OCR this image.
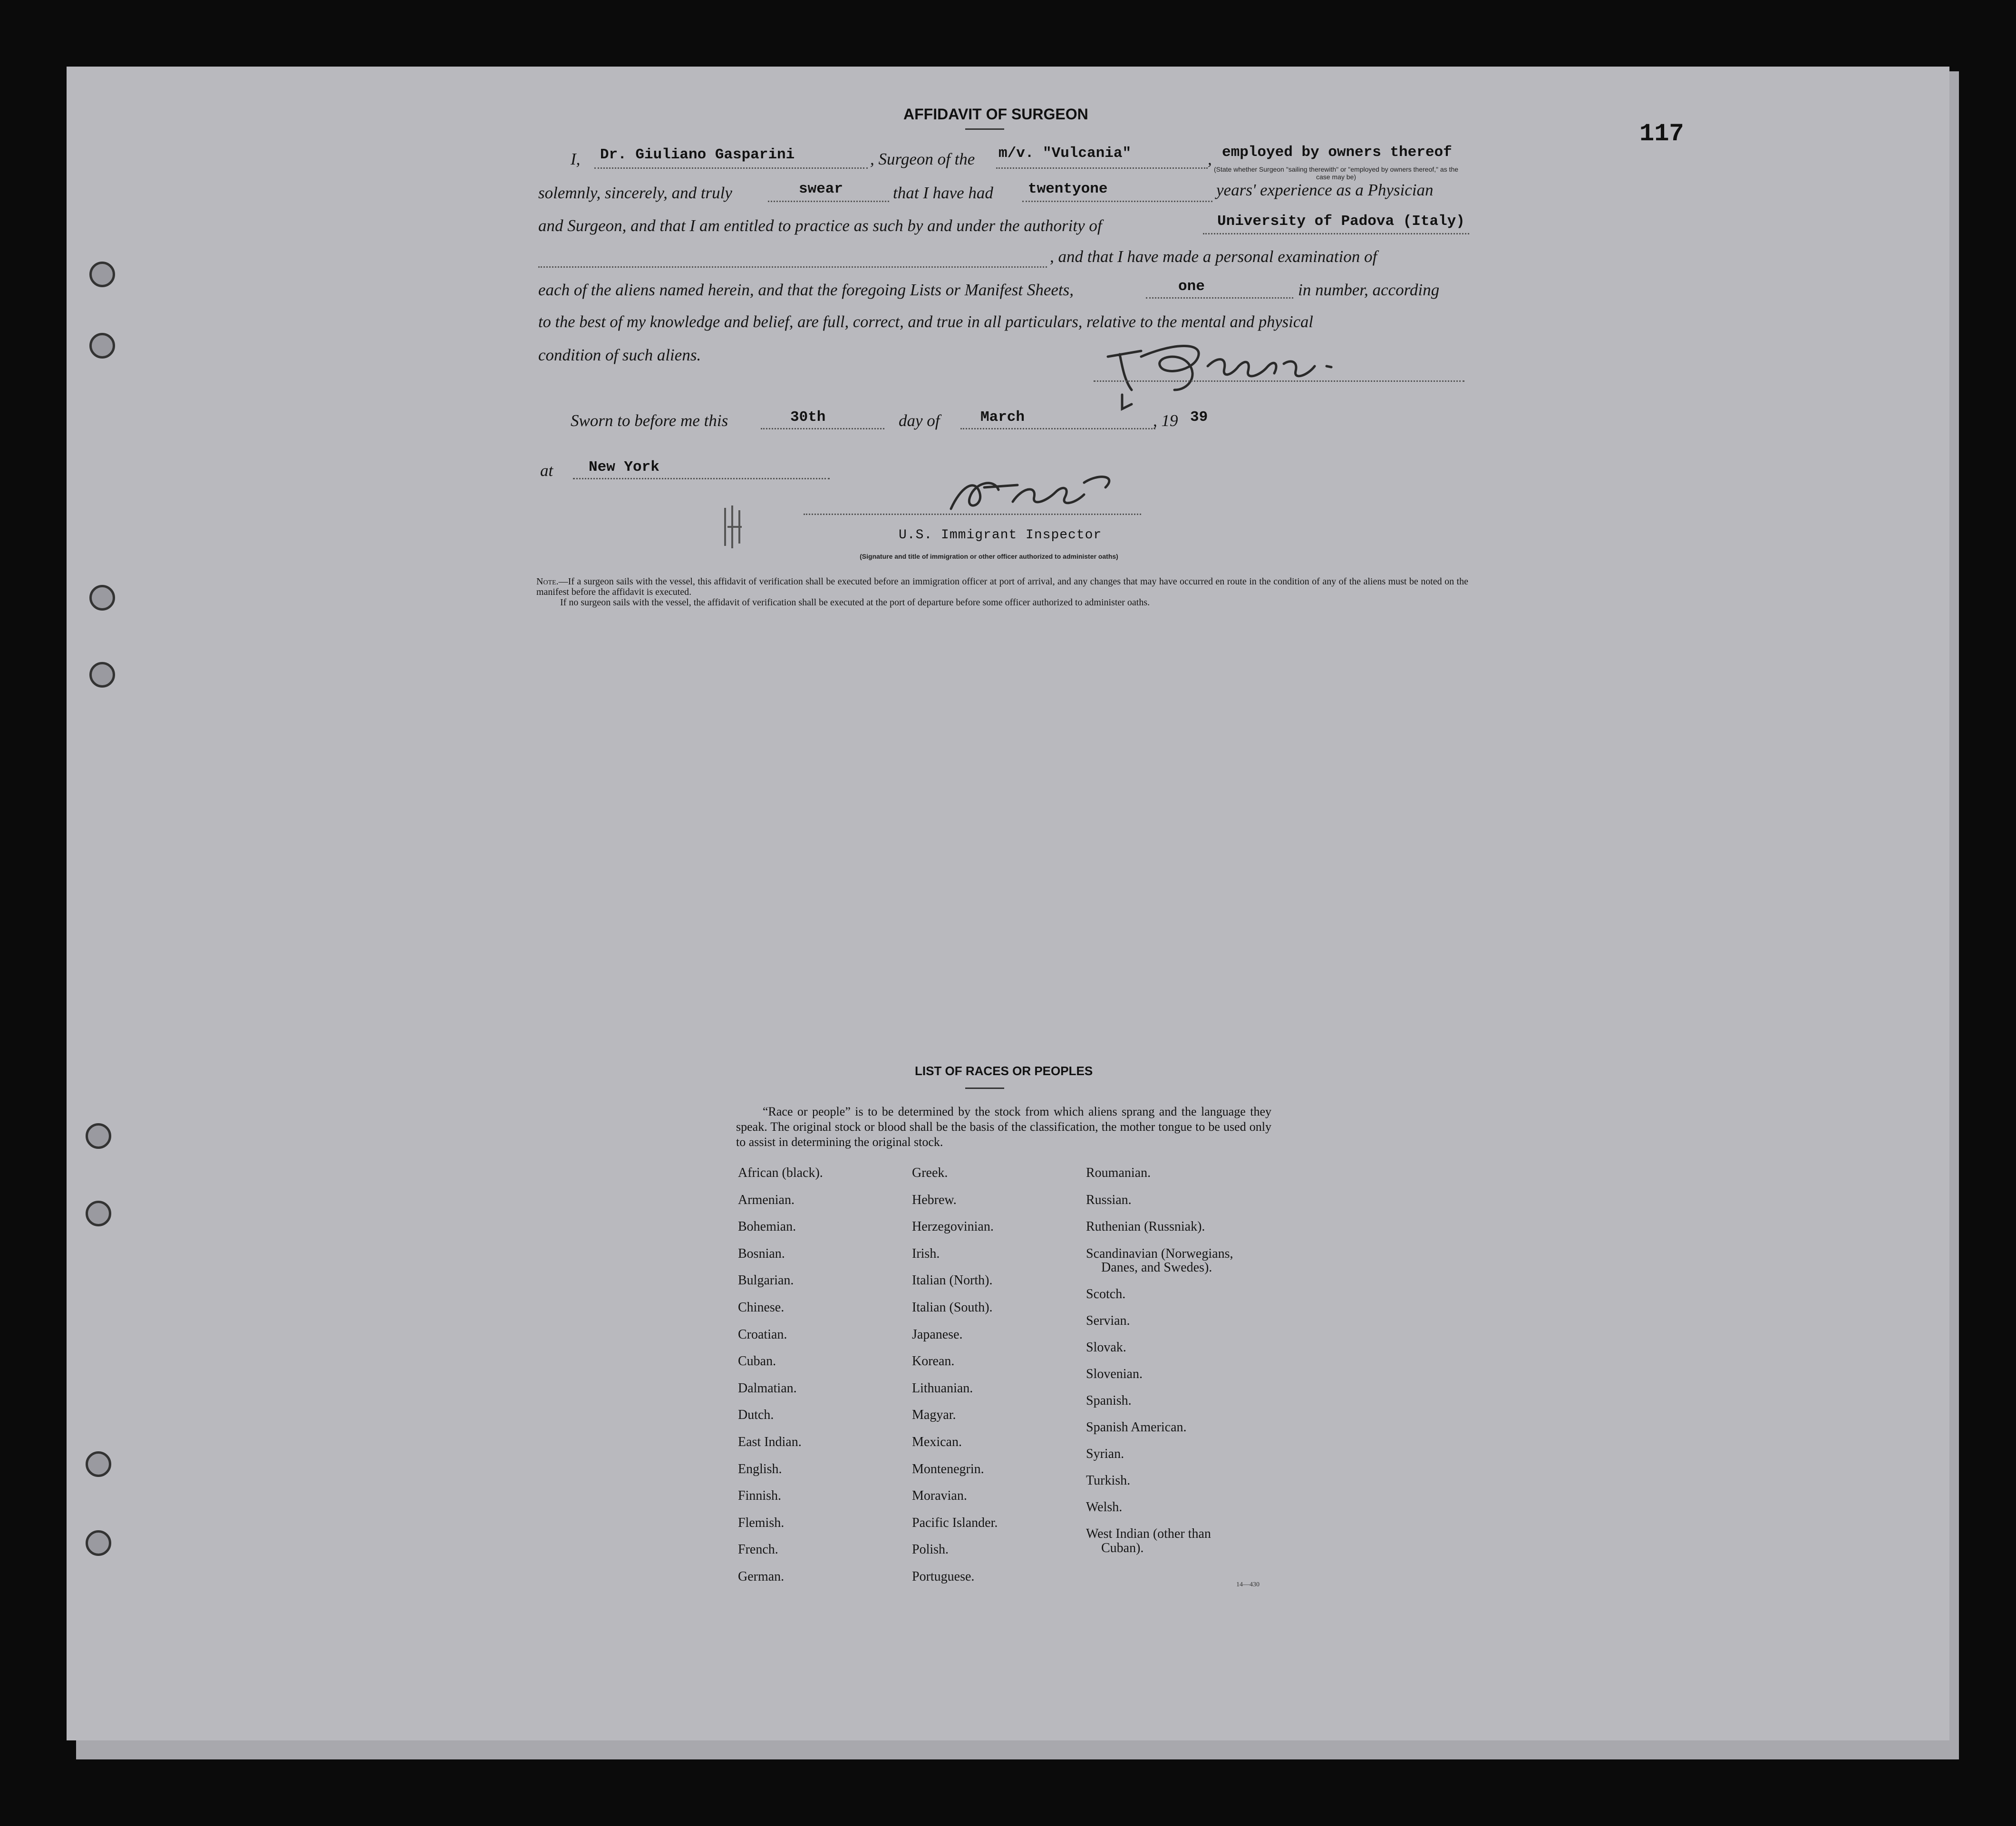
117
AFFIDAVIT OF SURGEON
I, Dr. Giuliano Gasparini	, Surgeon of the m/v. "Vulcania"	, employed by owners thereof
(State whether Surgeon "sailing therewith" or "employed by owners thereof," as the case may be)
solemnly, sincerely, and truly	swear	that I have had twentyone	years' experience as a Physician
and Surgeon, and that I am entitled to practice as such by and under the authority of	University of Padova (Italy)
, and that I have made a personal examination of
each of the aliens named herein, and that the foregoing Lists or Manifest Sheets,	one	in number, according
to the best of my knowledge and belief, are full, correct, and true in all particulars, relative to the mental and physical
condition of such aliens.
Sworn to before me this	30th	day of	March	, 19 39
at New York
U.S. Immigrant Inspector
(Signature and title of immigration or other officer authorized to administer oaths)

Note.—If a surgeon sails with the vessel, this affidavit of verification shall be executed before an immigration officer at port of arrival, and any changes that may have occurred en route in the condition of any of the aliens must be noted on the manifest before the affidavit is executed.

If no surgeon sails with the vessel, the affidavit of verification shall be executed at the port of departure before some officer authorized to administer oaths.

LIST OF RACES OR PEOPLES
“Race or people” is to be determined by the stock from which aliens sprang and the language they speak. The original stock or blood shall be the basis of the classification, the mother tongue to be used only to assist in determining the original stock.
African (black).
Armenian.
Bohemian.
Bosnian.
Bulgarian.
Chinese.
Croatian.
Cuban.
Dalmatian.
Dutch.
East Indian.
English.
Finnish.
Flemish.
French.
German.
Greek.
Hebrew.
Herzegovinian.
Irish.
Italian (North).
Italian (South).
Japanese.
Korean.
Lithuanian.
Magyar.
Mexican.
Montenegrin.
Moravian.
Pacific Islander.
Polish.
Portuguese.
Roumanian.
Russian.
Ruthenian (Russniak).
Scandinavian (Norwegians,
Danes, and Swedes).
Scotch.
Servian.
Slovak.
Slovenian.
Spanish.
Spanish American.
Syrian.
Turkish.
Welsh.
West Indian (other than
Cuban).
14—430
